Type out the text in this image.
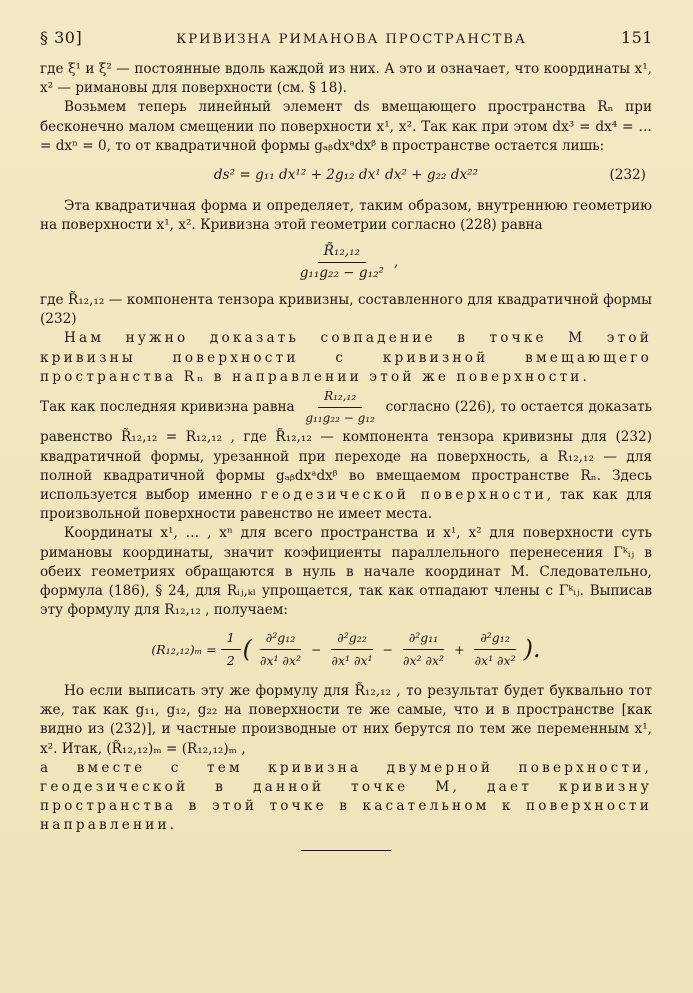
§ 30]	КРИВИЗНА РИМАНОВА ПРОСТРАНСТВА	151

где ξ¹ и ξ² — постоянные вдоль каждой из них. А это и означает, что координаты x¹, x² — римановы для поверхности (см. § 18).

Возьмем теперь линейный элемент ds вмещающего пространства Rₙ при бесконечно малом смещении по поверхности x¹, x². Так как при этом dx³ = dx⁴ = … = dxⁿ = 0, то от квадратичной формы gₐᵦdxᵃdxᵝ в пространстве остается лишь:

ds² = g₁₁ dx¹² + 2g₁₂ dx¹ dx² + g₂₂ dx²²	(232)

Эта квадратичная форма и определяет, таким образом, внутреннюю геометрию на поверхности x¹, x². Кривизна этой геометрии согласно (228) равна

$\frac{\text{R̃₁₂,₁₂}}{\text{g₁₁g₂₂ − g₁₂²}}$ ,

где R̃₁₂,₁₂ — компонента тензора кривизны, составленного для квадратичной формы (232)

Нам нужно доказать совпадение в точке M этой кривизны поверхности с кривизной вмещающего пространства Rₙ в направлении этой же поверхности.

Так как последняя кривизна равна $\frac{\text{R₁₂,₁₂}}{\text{g₁₁g₂₂ − g₁₂}}$ согласно (226), то остается доказать равенство R̃₁₂,₁₂ = R₁₂,₁₂ , где R̃₁₂,₁₂ — компонента тензора кривизны для (232) квадратичной формы, урезанной при переходе на поверхность, а R₁₂,₁₂ — для полной квадратичной формы gₐᵦdxᵃdxᵝ во вмещаемом пространстве Rₙ. Здесь используется выбор именно геодезической поверхности, так как для произвольной поверхности равенство не имеет места.

Координаты x¹, … , xⁿ для всего пространства и x¹, x² для поверхности суть римановы координаты, значит коэфициенты параллельного перенесения Γᵏᵢⱼ в обеих геометриях обращаются в нуль в начале координат M. Следовательно, формула (186), § 24, для Rᵢⱼ,ₖₗ упрощается, так как отпадают члены с Γᵏᵢⱼ. Выписав эту формулу для R₁₂,₁₂ , получаем:

$(R_{12},_{12})_m = \frac{1}{2}$ ( $\frac{\text{∂²g₁₂}}{\text{∂x¹ ∂x²}} - \frac{\text{∂²g₂₂}}{\text{∂x¹ ∂x¹}} - \frac{\text{∂²g₁₁}}{\text{∂x² ∂x²}} + \frac{\text{∂²g₁₂}}{\text{∂x¹ ∂x²}}$ ).

Но если выписать эту же формулу для R̃₁₂,₁₂ , то результат будет буквально тот же, так как g₁₁, g₁₂, g₂₂ на поверхности те же самые, что и в пространстве [как видно из (232)], и частные производные от них берутся по тем же переменным x¹, x². Итак, (R̃₁₂,₁₂)ₘ = (R₁₂,₁₂)ₘ ,

а вместе с тем кривизна двумерной поверхности, геодезической в данной точке M, дает кривизну пространства в этой точке в касательном к поверхности направлении.
